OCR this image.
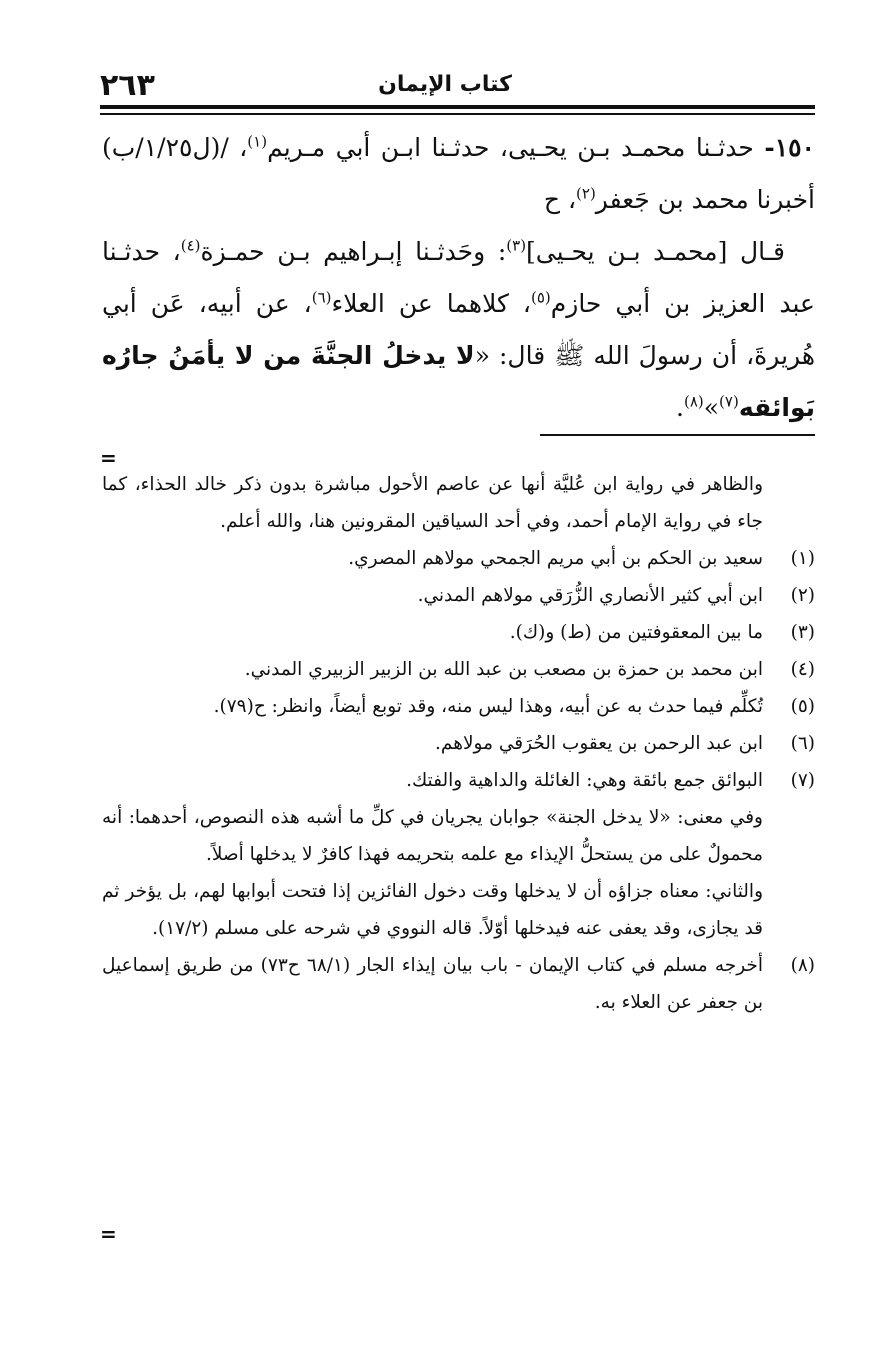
كتاب الإيمان
٢٦٣

١٥٠- حدثـنا محمـد بـن يحـيى، حدثـنا ابـن أبي مـريم$^{(١)}$، /(ل١/٢٥/ب) أخبرنا محمد بن جَعفر$^{(٢)}$، ح

قـال [محمـد بـن يحـيى]$^{(٣)}$: وحَدثـنا إبـراهيم بـن حمـزة$^{(٤)}$، حدثـنا عبد العزيز بن أبي حازم$^{(٥)}$، كلاهما عن العلاء$^{(٦)}$، عن أبيه، عَن أبي هُريرةَ، أن رسولَ الله ﷺ قال: «لا يدخلُ الجنَّةَ من لا يأمَنُ جارُه بَوائقه$^{(٧)}$»$^{(٨)}$.

=

والظاهر في رواية ابن عُليَّة أنها عن عاصم الأحول مباشرة بدون ذكر خالد الحذاء، كما جاء في رواية الإمام أحمد، وفي أحد السياقين المقرونين هنا، والله أعلم.

(١)سعيد بن الحكم بن أبي مريم الجمحي مولاهم المصري.

(٢)ابن أبي كثير الأنصاري الزُّرَقي مولاهم المدني.

(٣)ما بين المعقوفتين من (ط) و(ك).

(٤)ابن محمد بن حمزة بن مصعب بن عبد الله بن الزبير الزبيري المدني.

(٥)تُكلِّم فيما حدث به عن أبيه، وهذا ليس منه، وقد توبع أيضاً، وانظر: ح(٧٩).

(٦)ابن عبد الرحمن بن يعقوب الحُرَقي مولاهم.

(٧)البوائق جمع بائقة وهي: الغائلة والداهية والفتك.

وفي معنى: «لا يدخل الجنة» جوابان يجريان في كلِّ ما أشبه هذه النصوص، أحدهما: أنه محمولٌ على من يستحلُّ الإيذاء مع علمه بتحريمه فهذا كافرٌ لا يدخلها أصلاً.

والثاني: معناه جزاؤه أن لا يدخلها وقت دخول الفائزين إذا فتحت أبوابها لهم، بل يؤخر ثم قد يجازى، وقد يعفى عنه فيدخلها أوّلاً. قاله النووي في شرحه على مسلم (١٧/٢).

(٨)أخرجه مسلم في كتاب الإيمان - باب بيان إيذاء الجار (٦٨/١ ح٧٣) من طريق إسماعيل بن جعفر عن العلاء به.

=
